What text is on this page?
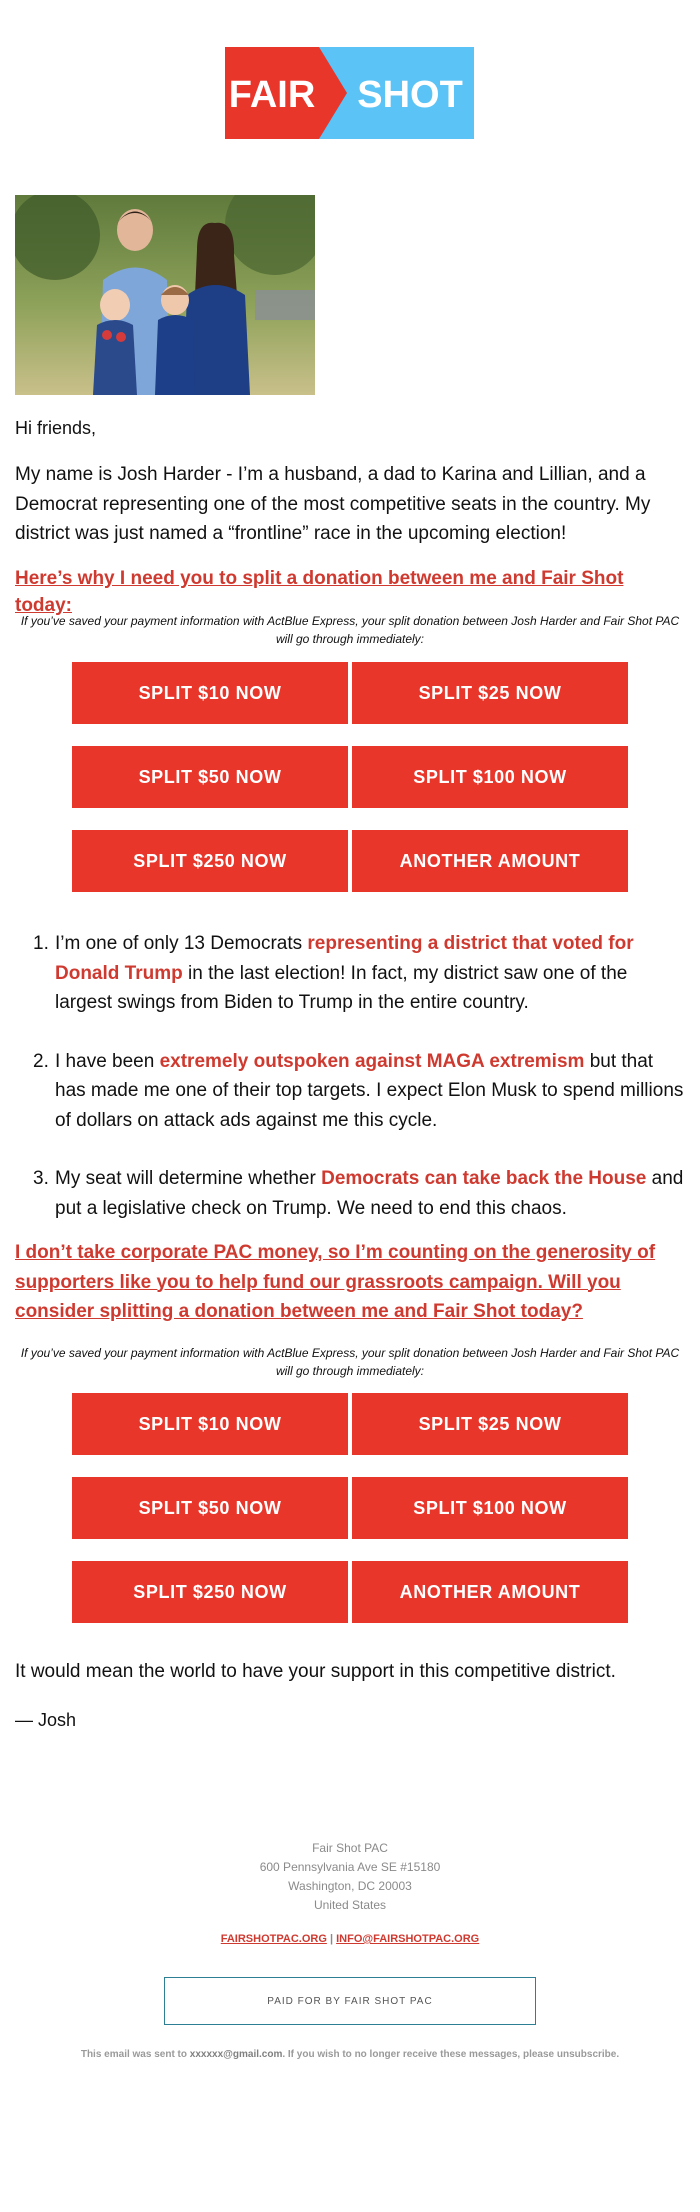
FAIR SHOT
Hi friends,
My name is Josh Harder - I’m a husband, a dad to Karina and Lillian, and a Democrat representing one of the most competitive seats in the country. My district was just named a “frontline” race in the upcoming election!
Here’s why I need you to split a donation between me and Fair Shot today:
If you’ve saved your payment information with ActBlue Express, your split donation between Josh Harder and Fair Shot PAC will go through immediately:
SPLIT $10 NOW	SPLIT $25 NOW
SPLIT $50 NOW	SPLIT $100 NOW
SPLIT $250 NOW	ANOTHER AMOUNT
1. I’m one of only 13 Democrats representing a district that voted for Donald Trump in the last election! In fact, my district saw one of the largest swings from Biden to Trump in the entire country.
2. I have been extremely outspoken against MAGA extremism but that has made me one of their top targets. I expect Elon Musk to spend millions of dollars on attack ads against me this cycle.
3. My seat will determine whether Democrats can take back the House and put a legislative check on Trump. We need to end this chaos.
I don’t take corporate PAC money, so I’m counting on the generosity of supporters like you to help fund our grassroots campaign. Will you consider splitting a donation between me and Fair Shot today?
If you’ve saved your payment information with ActBlue Express, your split donation between Josh Harder and Fair Shot PAC will go through immediately:
SPLIT $10 NOW	SPLIT $25 NOW
SPLIT $50 NOW	SPLIT $100 NOW
SPLIT $250 NOW	ANOTHER AMOUNT
It would mean the world to have your support in this competitive district.
— Josh
Fair Shot PAC
600 Pennsylvania Ave SE #15180
Washington, DC 20003
United States
FAIRSHOTPAC.ORG | INFO@FAIRSHOTPAC.ORG
PAID FOR BY FAIR SHOT PAC
This email was sent to xxxxxx@gmail.com. If you wish to no longer receive these messages, please unsubscribe.
